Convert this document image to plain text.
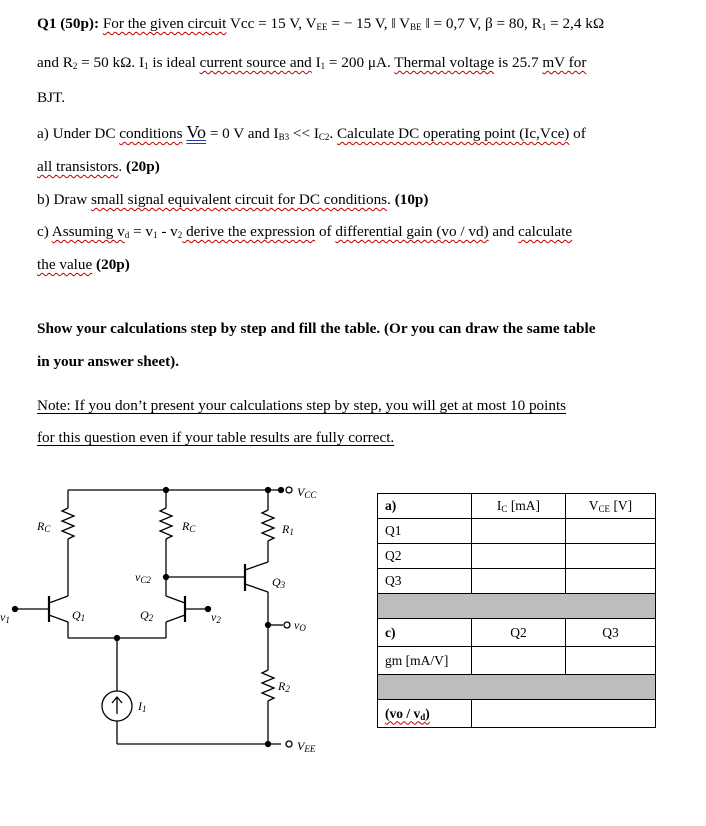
Q1 (50p): For the given circuit Vcc = 15 V, $V_{EE}$ = − 15 V, ‖ $V_{BE}$ ‖ = 0,7 V, β = 80, $R_1 = 2,4$ kΩ
and $R_2 = 50$ kΩ. $I_1$ is ideal current source and $I_1 = 200$ μA. Thermal voltage is 25.7 mV for
BJT.
a) Under DC conditions Vo = 0 V and $I_{B3} << I_{C2}$. Calculate DC operating point (Ic,Vce) of
all transistors. (20p)
b) Draw small signal equivalent circuit for DC conditions. (10p)
c) Assuming $v_d = v_1 - v_2$ derive the expression of differential gain (vo / vd) and calculate
the value (20p)
Show your calculations step by step and fill the table. (Or you can draw the same table
in your answer sheet).
Note: If you don’t present your calculations step by step, you will get at most 10 points
for this question even if your table results are fully correct.
VCC
RC	RC	R1
vC2	Q3
Q1	Q2
v1	v2	vO
R2
I1
VEE
a)	$I_C$ [mA]	$V_{CE}$ [V]
Q1		
Q2		
Q3		

c)	Q2	Q3
gm [mA/V]		

$(vo / v_d)$		
